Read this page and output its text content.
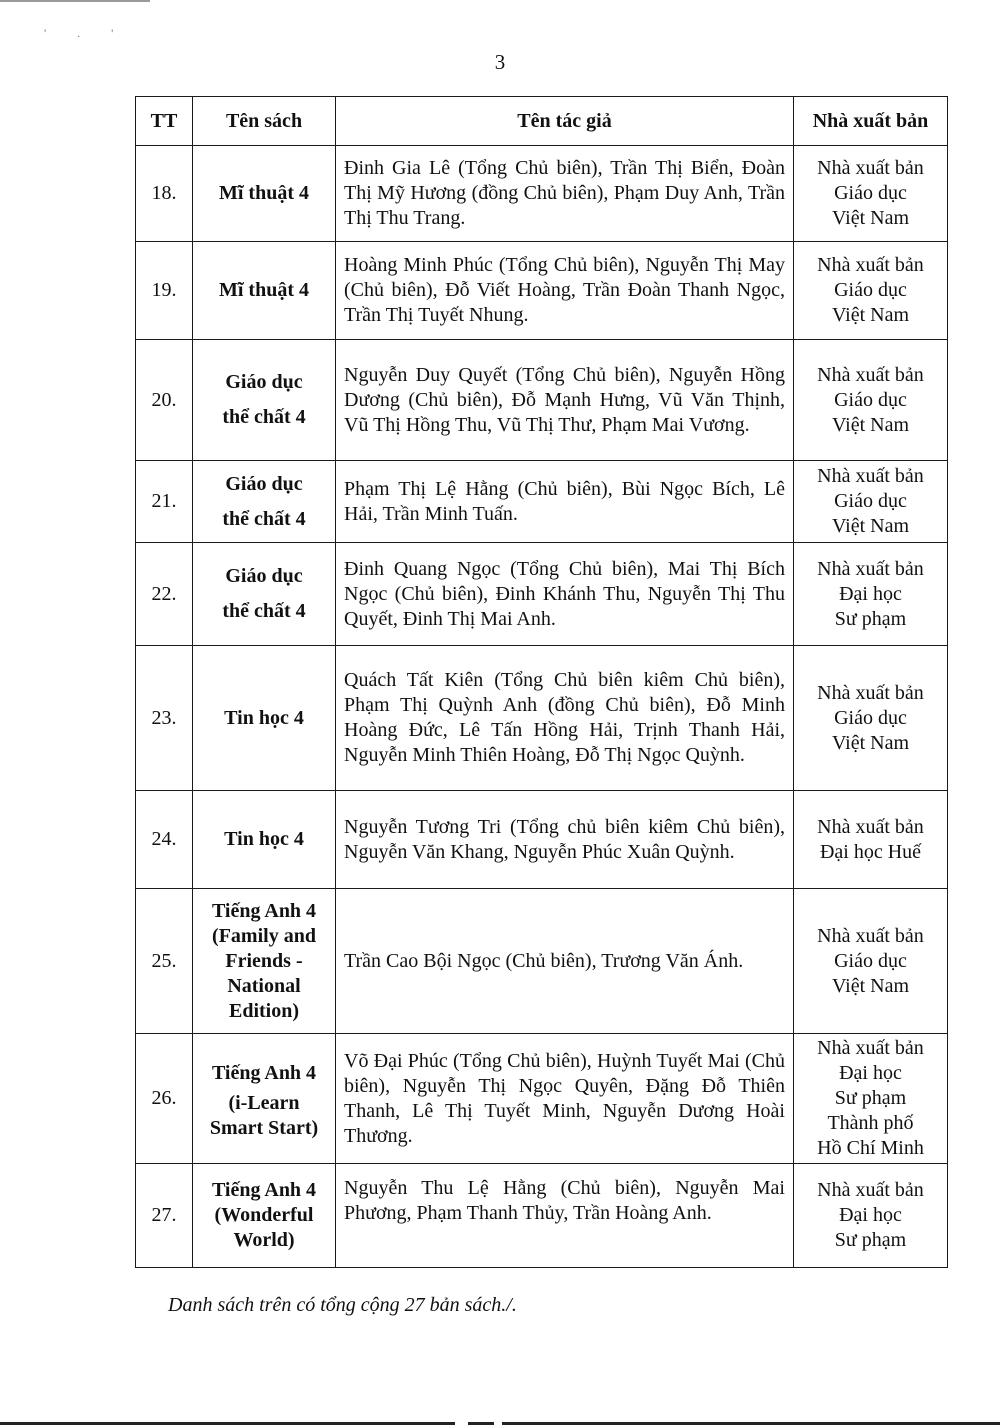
' . '
3
TT	Tên sách	Tên tác giả	Nhà xuất bản
18.	Mĩ thuật 4	Đinh Gia Lê (Tổng Chủ biên), Trần Thị Biển, Đoàn Thị Mỹ Hương (đồng Chủ biên), Phạm Duy Anh, Trần Thị Thu Trang.	Nhà xuất bản
Giáo dục
Việt Nam

19.	Mĩ thuật 4	Hoàng Minh Phúc (Tổng Chủ biên), Nguyễn Thị May (Chủ biên), Đỗ Viết Hoàng, Trần Đoàn Thanh Ngọc, Trần Thị Tuyết Nhung.	Nhà xuất bản
Giáo dục
Việt Nam

20.	Giáo dục
thể chất 4	Nguyễn Duy Quyết (Tổng Chủ biên), Nguyễn Hồng Dương (Chủ biên), Đỗ Mạnh Hưng, Vũ Văn Thịnh, Vũ Thị Hồng Thu, Vũ Thị Thư, Phạm Mai Vương.	Nhà xuất bản
Giáo dục
Việt Nam

21.	Giáo dục
thể chất 4	Phạm Thị Lệ Hằng (Chủ biên), Bùi Ngọc Bích, Lê Hải, Trần Minh Tuấn.	Nhà xuất bản
Giáo dục
Việt Nam

22.	Giáo dục
thể chất 4	Đinh Quang Ngọc (Tổng Chủ biên), Mai Thị Bích Ngọc (Chủ biên), Đinh Khánh Thu, Nguyễn Thị Thu Quyết, Đinh Thị Mai Anh.	Nhà xuất bản
Đại học
Sư phạm

23.	Tin học 4	Quách Tất Kiên (Tổng Chủ biên kiêm Chủ biên), Phạm Thị Quỳnh Anh (đồng Chủ biên), Đỗ Minh Hoàng Đức, Lê Tấn Hồng Hải, Trịnh Thanh Hải, Nguyễn Minh Thiên Hoàng, Đỗ Thị Ngọc Quỳnh.	Nhà xuất bản
Giáo dục
Việt Nam

24.	Tin học 4	Nguyễn Tương Tri (Tổng chủ biên kiêm Chủ biên), Nguyễn Văn Khang, Nguyễn Phúc Xuân Quỳnh.	Nhà xuất bản
Đại học Huế

25.	Tiếng Anh 4
(Family and
Friends -
National
Edition)	Trần Cao Bội Ngọc (Chủ biên), Trương Văn Ánh.	Nhà xuất bản
Giáo dục
Việt Nam

26.	Tiếng Anh 4
(i-Learn
Smart Start)	Võ Đại Phúc (Tổng Chủ biên), Huỳnh Tuyết Mai (Chủ biên), Nguyễn Thị Ngọc Quyên, Đặng Đỗ Thiên Thanh, Lê Thị Tuyết Minh, Nguyễn Dương Hoài Thương.	Nhà xuất bản
Đại học
Sư phạm
Thành phố
Hồ Chí Minh

27.	Tiếng Anh 4
(Wonderful
World)	Nguyễn Thu Lệ Hằng (Chủ biên), Nguyễn Mai Phương, Phạm Thanh Thủy, Trần Hoàng Anh.	Nhà xuất bản
Đại học
Sư phạm
Danh sách trên có tổng cộng 27 bản sách./.
